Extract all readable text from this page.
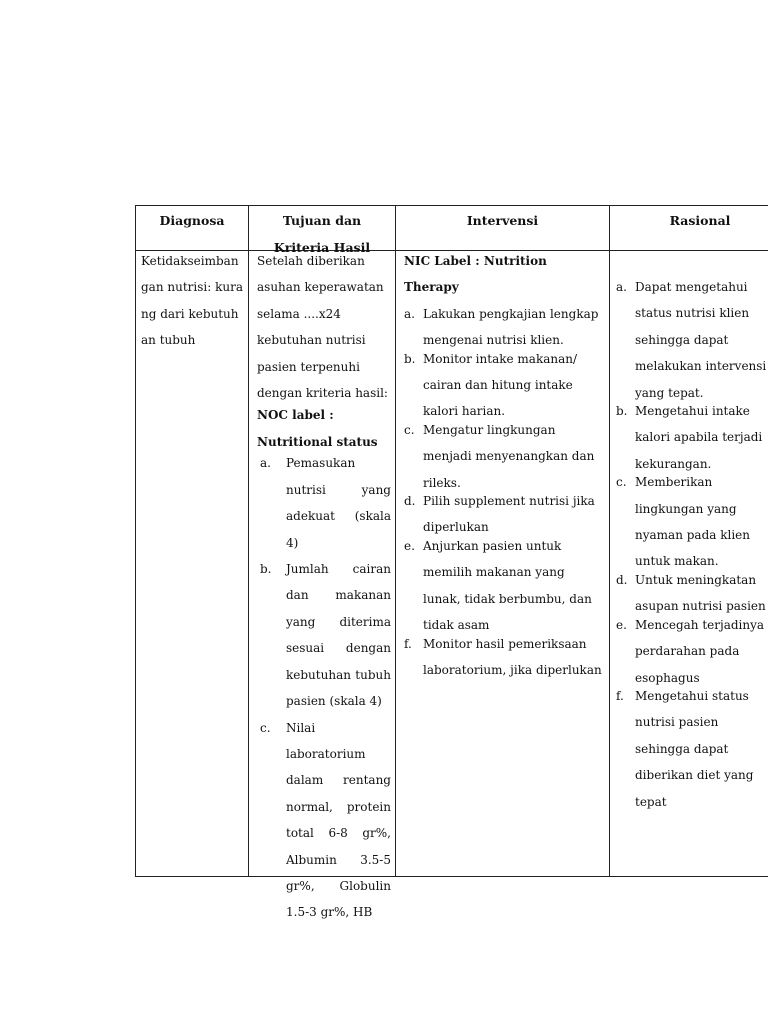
Diagnosa	Tujuan dan Kriteria Hasil
Intervensi	Rasional

Ketidakseimbangan nutrisi: kurang dari kebutuhan tubuh

Setelah diberikan asuhan keperawatan selama ....x24 kebutuhan nutrisi pasien terpenuhi dengan kriteria hasil:

NOC label :

Nutritional status

a. Pemasukan nutrisi yang adekuat (skala 4)
b. Jumlah cairan dan makanan yang diterima sesuai dengan kebutuhan tubuh pasien (skala 4)
c. Nilai laboratorium dalam rentang normal, protein total 6-8 gr%, Albumin 3.5-5 gr%, Globulin 1.5-3 gr%, HB

NIC Label : Nutrition Therapy

a. Lakukan pengkajian lengkap mengenai nutrisi klien.
b. Monitor intake makanan/ cairan dan hitung intake kalori harian.
c. Mengatur lingkungan menjadi menyenangkan dan rileks.
d. Pilih supplement nutrisi jika diperlukan
e. Anjurkan pasien untuk memilih makanan yang lunak, tidak berbumbu, dan tidak asam
f. Monitor hasil pemeriksaan laboratorium, jika diperlukan
a. Dapat mengetahui status nutrisi klien sehingga dapat melakukan intervensi yang tepat.
b. Mengetahui intake kalori apabila terjadi kekurangan.
c. Memberikan lingkungan yang nyaman pada klien untuk makan.
d. Untuk meningkatan asupan nutrisi pasien
e. Mencegah terjadinya perdarahan pada esophagus
f. Mengetahui status nutrisi pasien sehingga dapat diberikan diet yang tepat
